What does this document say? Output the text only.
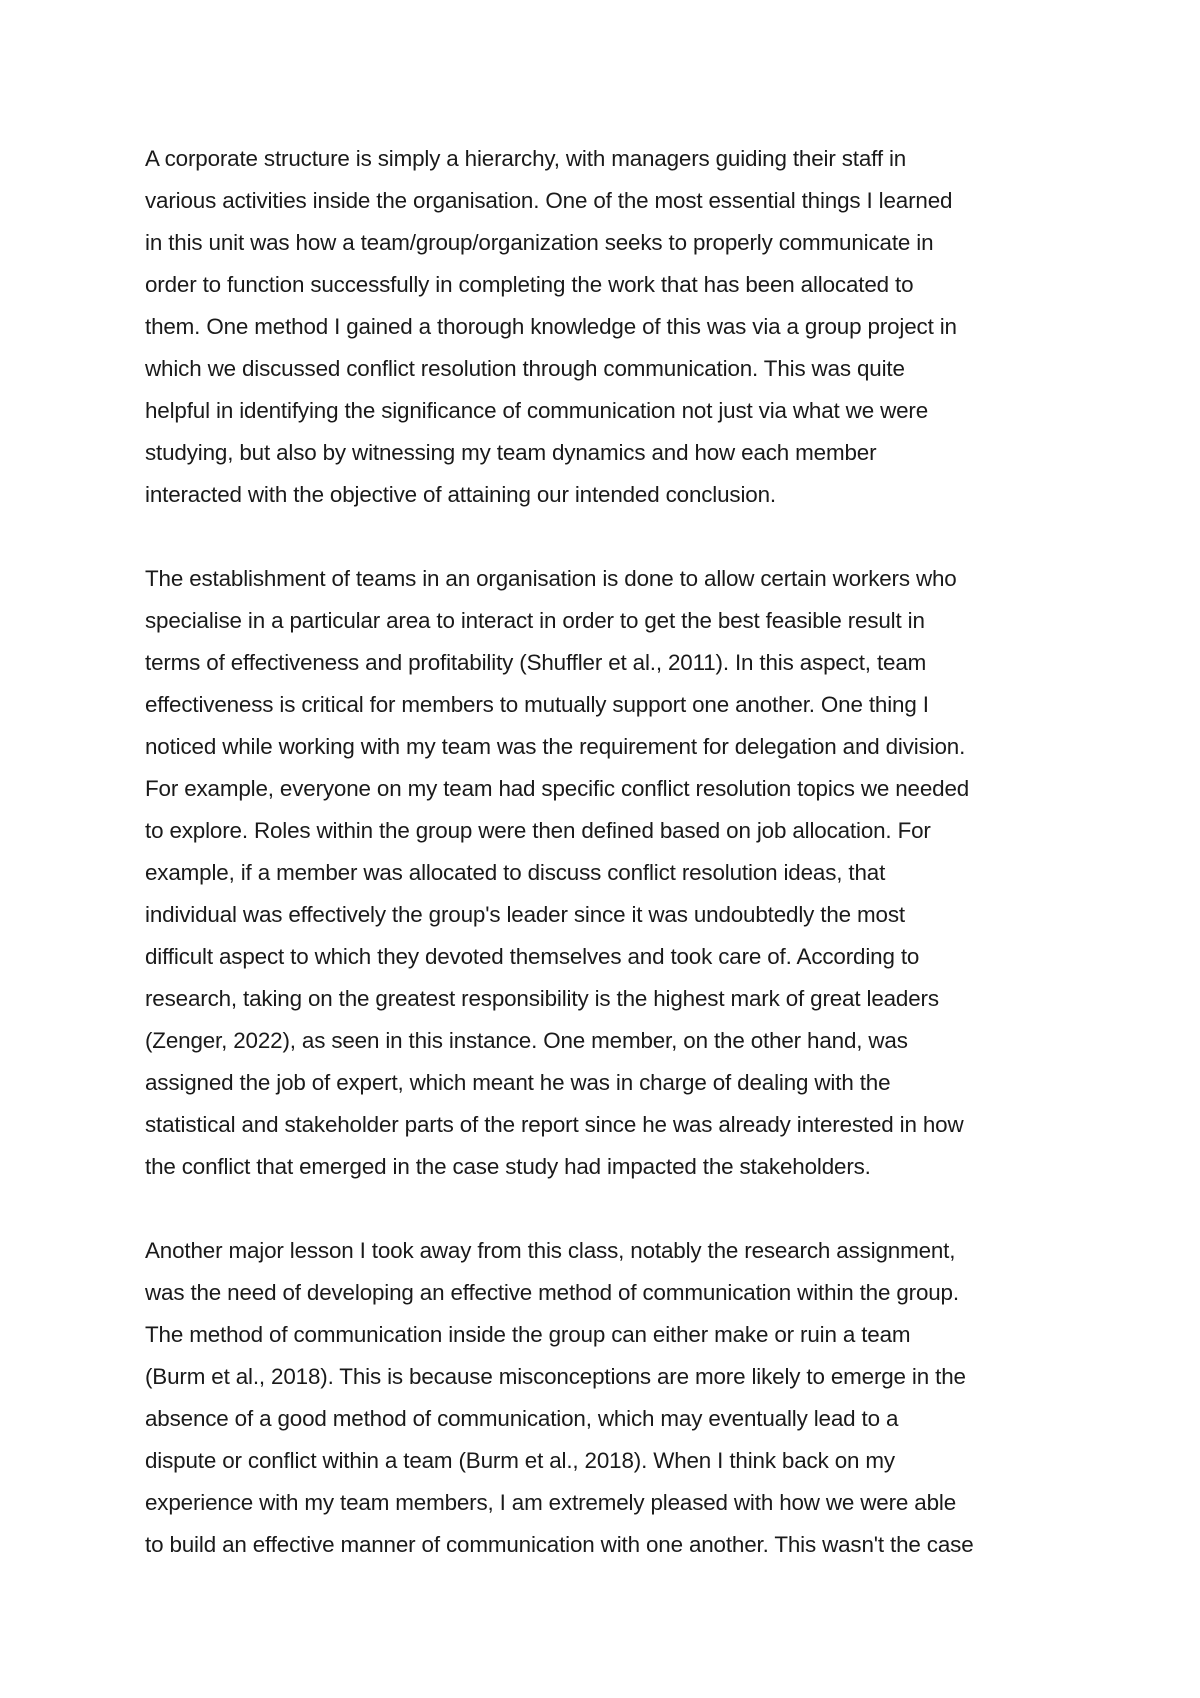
A corporate structure is simply a hierarchy, with managers guiding their staff in
various activities inside the organisation. One of the most essential things I learned
in this unit was how a team/group/organization seeks to properly communicate in
order to function successfully in completing the work that has been allocated to
them. One method I gained a thorough knowledge of this was via a group project in
which we discussed conflict resolution through communication. This was quite
helpful in identifying the significance of communication not just via what we were
studying, but also by witnessing my team dynamics and how each member
interacted with the objective of attaining our intended conclusion.

The establishment of teams in an organisation is done to allow certain workers who
specialise in a particular area to interact in order to get the best feasible result in
terms of effectiveness and profitability (Shuffler et al., 2011). In this aspect, team
effectiveness is critical for members to mutually support one another. One thing I
noticed while working with my team was the requirement for delegation and division.
For example, everyone on my team had specific conflict resolution topics we needed
to explore. Roles within the group were then defined based on job allocation. For
example, if a member was allocated to discuss conflict resolution ideas, that
individual was effectively the group's leader since it was undoubtedly the most
difficult aspect to which they devoted themselves and took care of. According to
research, taking on the greatest responsibility is the highest mark of great leaders
(Zenger, 2022), as seen in this instance. One member, on the other hand, was
assigned the job of expert, which meant he was in charge of dealing with the
statistical and stakeholder parts of the report since he was already interested in how
the conflict that emerged in the case study had impacted the stakeholders.

Another major lesson I took away from this class, notably the research assignment,
was the need of developing an effective method of communication within the group.
The method of communication inside the group can either make or ruin a team
(Burm et al., 2018). This is because misconceptions are more likely to emerge in the
absence of a good method of communication, which may eventually lead to a
dispute or conflict within a team (Burm et al., 2018). When I think back on my
experience with my team members, I am extremely pleased with how we were able
to build an effective manner of communication with one another. This wasn't the case
